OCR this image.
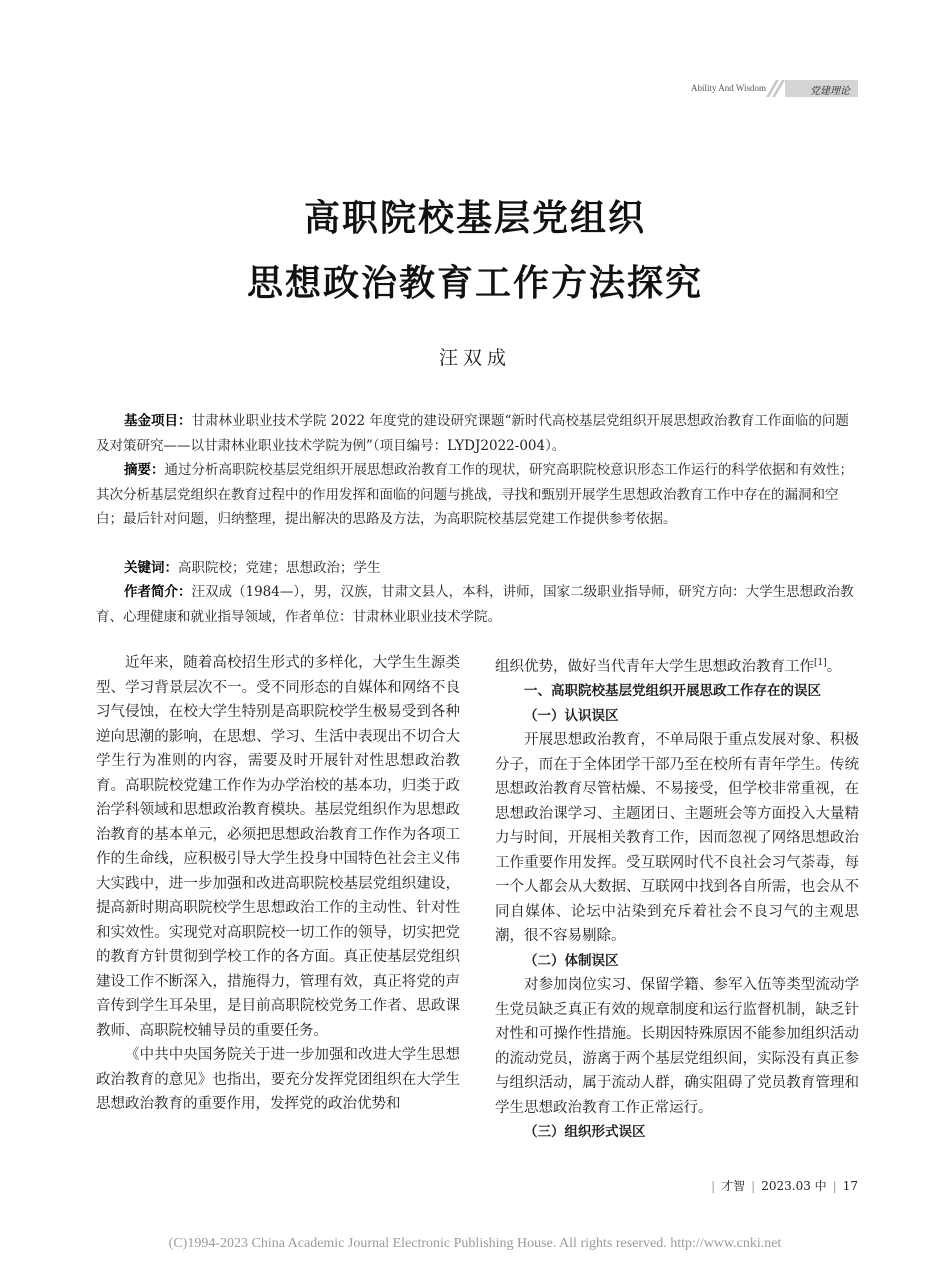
Ability And Wisdom	党建理论
高职院校基层党组织
思想政治教育工作方法探究
汪双成

基金项目：甘肃林业职业技术学院 2022 年度党的建设研究课题“新时代高校基层党组织开展思想政治教育工作面临的问题及对策研究——以甘肃林业职业技术学院为例”（项目编号：LYDJ2022-004）。

摘要：通过分析高职院校基层党组织开展思想政治教育工作的现状，研究高职院校意识形态工作运行的科学依据和有效性；其次分析基层党组织在教育过程中的作用发挥和面临的问题与挑战，寻找和甄别开展学生思想政治教育工作中存在的漏洞和空白；最后针对问题，归纳整理，提出解决的思路及方法，为高职院校基层党建工作提供参考依据。

关键词：高职院校；党建；思想政治；学生

作者简介：汪双成（1984—），男，汉族，甘肃文县人，本科，讲师，国家二级职业指导师，研究方向：大学生思想政治教育、心理健康和就业指导领域，作者单位：甘肃林业职业技术学院。

近年来，随着高校招生形式的多样化，大学生生源类型、学习背景层次不一。受不同形态的自媒体和网络不良习气侵蚀，在校大学生特别是高职院校学生极易受到各种逆向思潮的影响，在思想、学习、生活中表现出不切合大学生行为准则的内容，需要及时开展针对性思想政治教育。高职院校党建工作作为办学治校的基本功，归类于政治学科领域和思想政治教育模块。基层党组织作为思想政治教育的基本单元，必须把思想政治教育工作作为各项工作的生命线，应积极引导大学生投身中国特色社会主义伟大实践中，进一步加强和改进高职院校基层党组织建设，提高新时期高职院校学生思想政治工作的主动性、针对性和实效性。实现党对高职院校一切工作的领导，切实把党的教育方针贯彻到学校工作的各方面。真正使基层党组织建设工作不断深入，措施得力，管理有效，真正将党的声音传到学生耳朵里，是目前高职院校党务工作者、思政课教师、高职院校辅导员的重要任务。

《中共中央国务院关于进一步加强和改进大学生思想政治教育的意见》也指出，要充分发挥党团组织在大学生思想政治教育的重要作用，发挥党的政治优势和

组织优势，做好当代青年大学生思想政治教育工作[1]。

一、高职院校基层党组织开展思政工作存在的误区
（一）认识误区

开展思想政治教育，不单局限于重点发展对象、积极分子，而在于全体团学干部乃至在校所有青年学生。传统思想政治教育尽管枯燥、不易接受，但学校非常重视，在思想政治课学习、主题团日、主题班会等方面投入大量精力与时间，开展相关教育工作，因而忽视了网络思想政治工作重要作用发挥。受互联网时代不良社会习气荼毒，每一个人都会从大数据、互联网中找到各自所需，也会从不同自媒体、论坛中沾染到充斥着社会不良习气的主观思潮，很不容易剔除。

（二）体制误区

对参加岗位实习、保留学籍、参军入伍等类型流动学生党员缺乏真正有效的规章制度和运行监督机制，缺乏针对性和可操作性措施。长期因特殊原因不能参加组织活动的流动党员，游离于两个基层党组织间，实际没有真正参与组织活动，属于流动人群，确实阻碍了党员教育管理和学生思想政治教育工作正常运行。

（三）组织形式误区
| 才智 | 2023.03 中 | 17
(C)1994-2023 China Academic Journal Electronic Publishing House. All rights reserved. http://www.cnki.net
